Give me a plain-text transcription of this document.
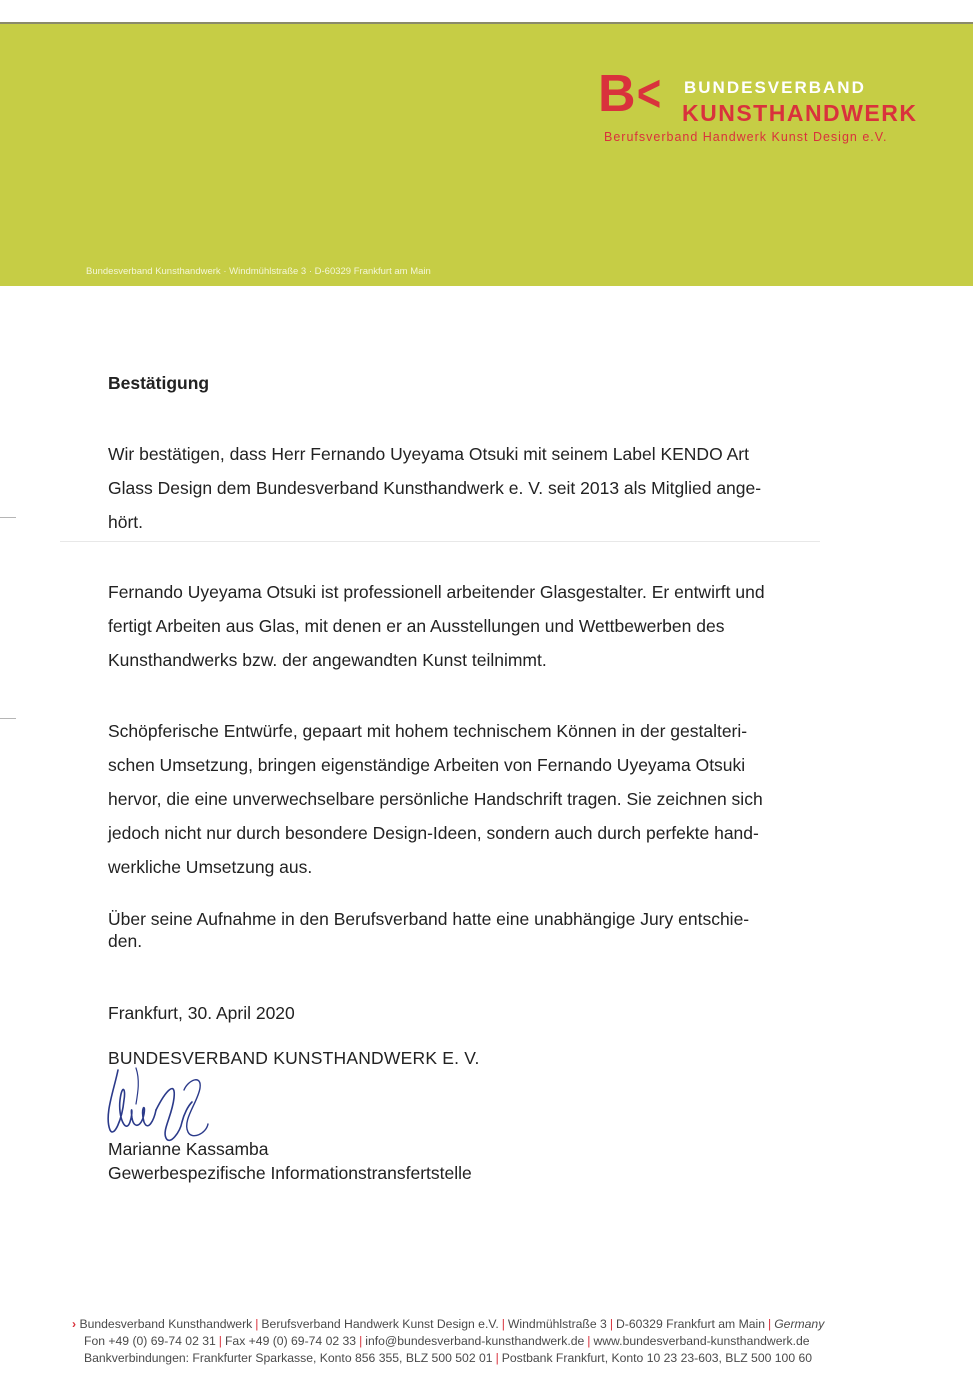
B< BUNDESVERBAND
KUNSTHANDWERK
Berufsverband Handwerk Kunst Design e.V.
Bundesverband Kunsthandwerk · Windmühlstraße 3 · D-60329 Frankfurt am Main
Bestätigung
Wir bestätigen, dass Herr Fernando Uyeyama Otsuki mit seinem Label KENDO Art
Glass Design dem Bundesverband Kunsthandwerk e. V. seit 2013 als Mitglied ange-
hört.
Fernando Uyeyama Otsuki ist professionell arbeitender Glasgestalter. Er entwirft und
fertigt Arbeiten aus Glas, mit denen er an Ausstellungen und Wettbewerben des
Kunsthandwerks bzw. der angewandten Kunst teilnimmt.
Schöpferische Entwürfe, gepaart mit hohem technischem Können in der gestalteri-
schen Umsetzung, bringen eigenständige Arbeiten von Fernando Uyeyama Otsuki
hervor, die eine unverwechselbare persönliche Handschrift tragen. Sie zeichnen sich
jedoch nicht nur durch besondere Design-Ideen, sondern auch durch perfekte hand-
werkliche Umsetzung aus.
Über seine Aufnahme in den Berufsverband hatte eine unabhängige Jury entschie-
den.
Frankfurt, 30. April 2020
BUNDESVERBAND KUNSTHANDWERK E. V.
Marianne Kassamba
Gewerbespezifische Informationstransfertstelle
› Bundesverband Kunsthandwerk | Berufsverband Handwerk Kunst Design e.V. | Windmühlstraße 3 | D-60329 Frankfurt am Main | Germany
Fon +49 (0) 69-74 02 31 | Fax +49 (0) 69-74 02 33 | info@bundesverband-kunsthandwerk.de | www.bundesverband-kunsthandwerk.de
Bankverbindungen: Frankfurter Sparkasse, Konto 856 355, BLZ 500 502 01 | Postbank Frankfurt, Konto 10 23 23-603, BLZ 500 100 60
